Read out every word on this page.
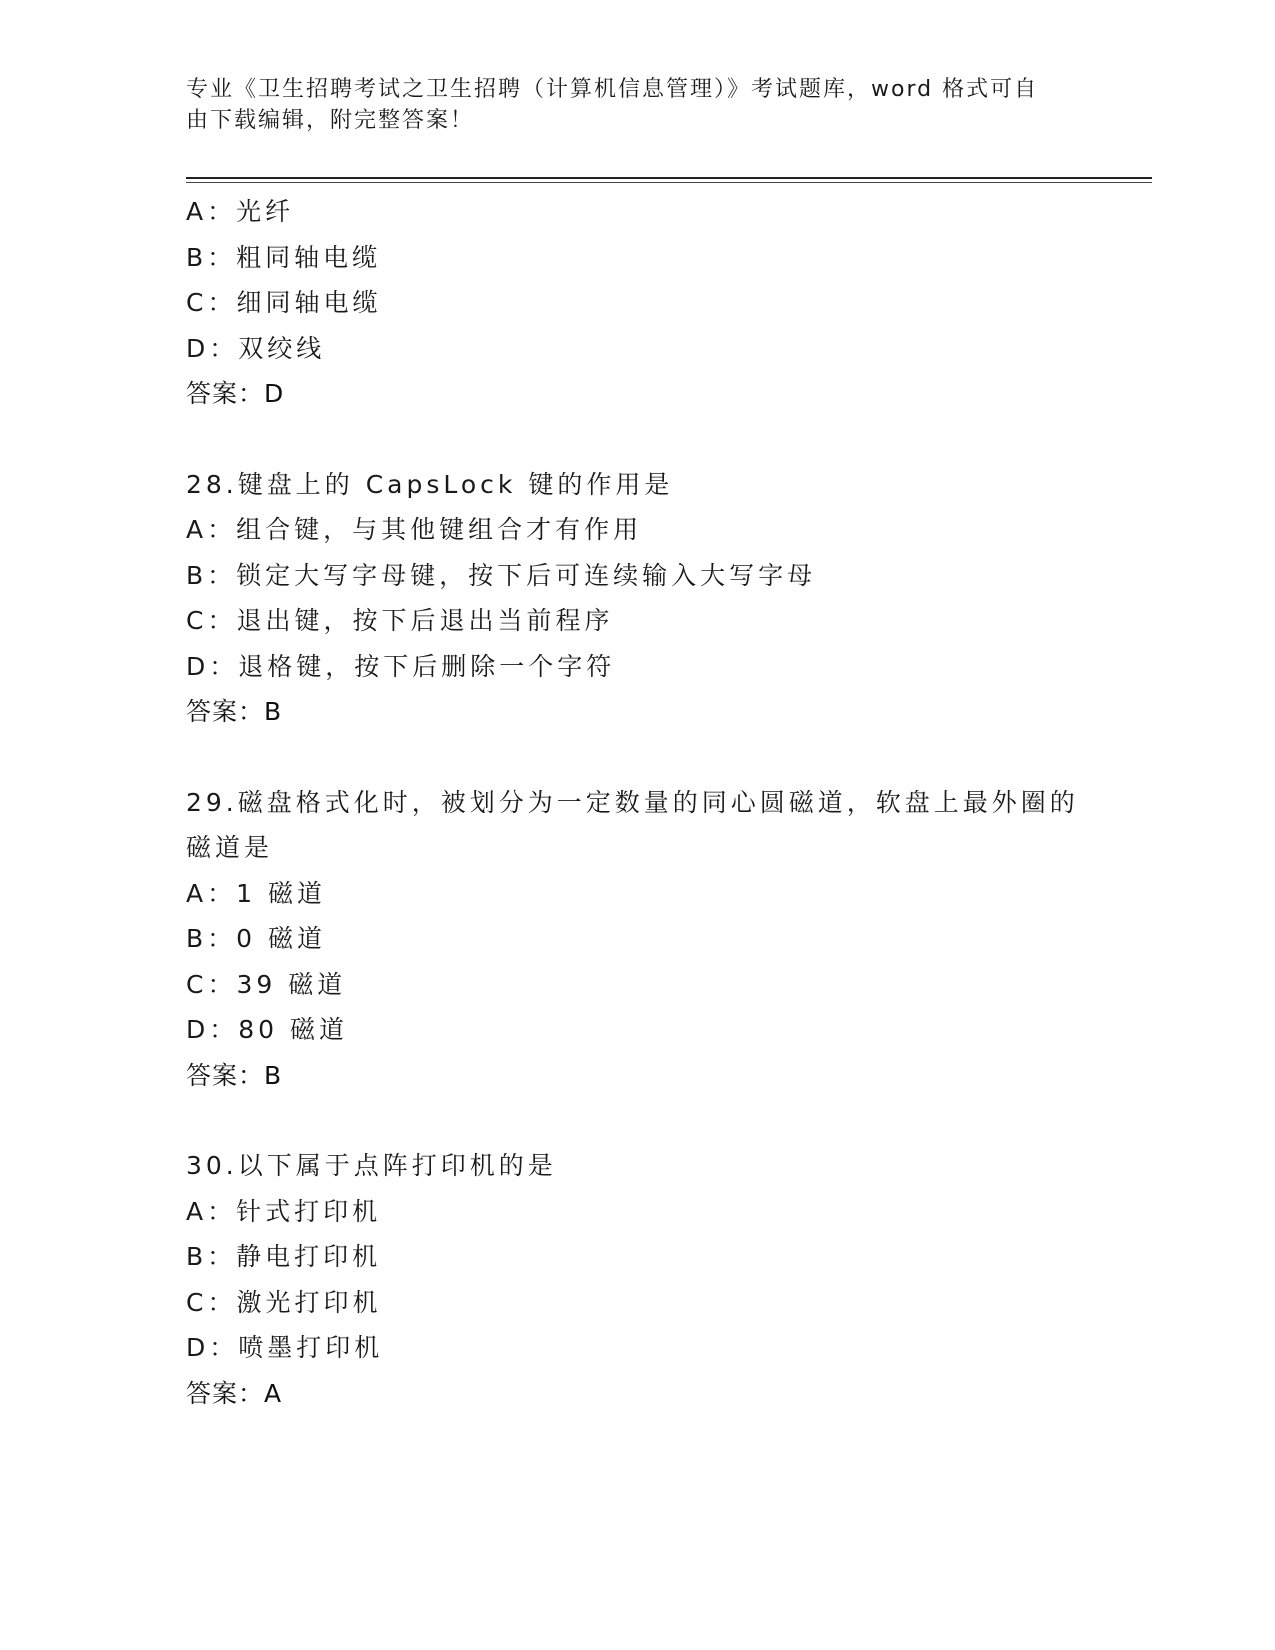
专业《卫生招聘考试之卫生招聘（计算机信息管理）》考试题库，word 格式可自
由下载编辑，附完整答案！
A：光纤
B：粗同轴电缆
C：细同轴电缆
D：双绞线
答案：D
28.键盘上的 CapsLock 键的作用是
A：组合键，与其他键组合才有作用
B：锁定大写字母键，按下后可连续输入大写字母
C：退出键，按下后退出当前程序
D：退格键，按下后删除一个字符
答案：B
29.磁盘格式化时，被划分为一定数量的同心圆磁道，软盘上最外圈的
磁道是
A：1 磁道
B：0 磁道
C：39 磁道
D：80 磁道
答案：B
30.以下属于点阵打印机的是
A：针式打印机
B：静电打印机
C：激光打印机
D：喷墨打印机
答案：A
